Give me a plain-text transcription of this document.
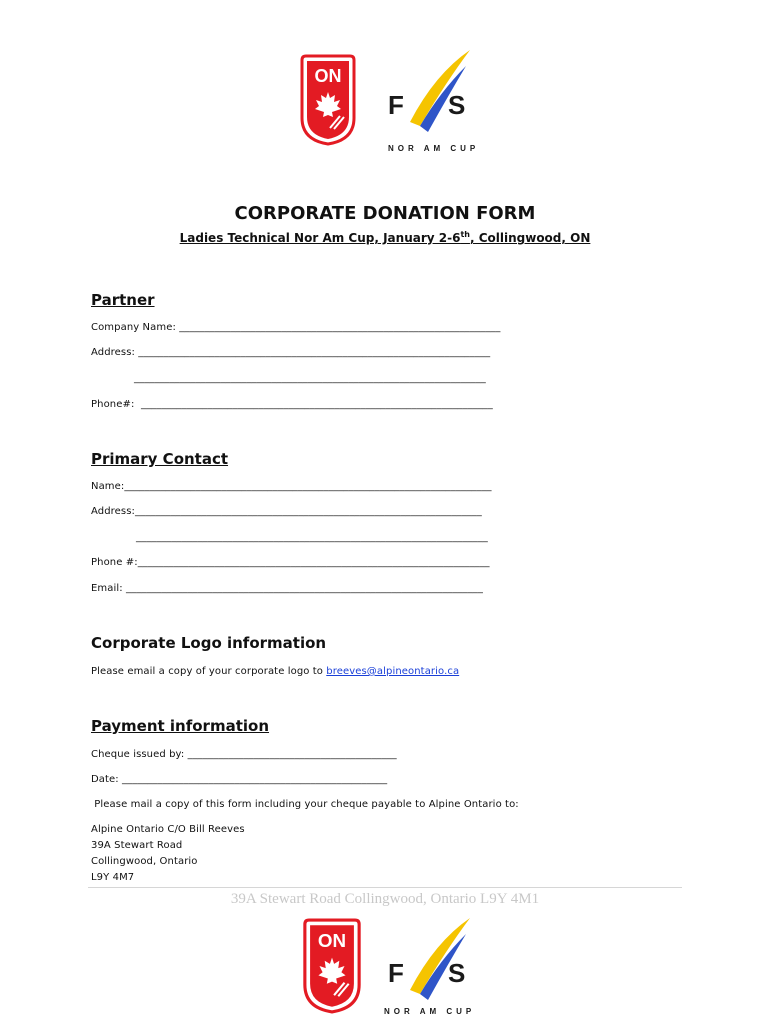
ON
F S
NOR AM CUP
CORPORATE DONATION FORM
Ladies Technical Nor Am Cup, January 2-6th, Collingwood, ON
Partner
Company Name: _______________________________________________________________
Address: _____________________________________________________________________
_____________________________________________________________________
Phone#:  _____________________________________________________________________
Primary Contact
Name:________________________________________________________________________
Address:____________________________________________________________________
_____________________________________________________________________
Phone #:_____________________________________________________________________
Email: ______________________________________________________________________
Corporate Logo information
Please email a copy of your corporate logo to breeves@alpineontario.ca
Payment information
Cheque issued by: _________________________________________
Date: ____________________________________________________
Please mail a copy of this form including your cheque payable to Alpine Ontario to:
Alpine Ontario C/O Bill Reeves
39A Stewart Road
Collingwood, Ontario
L9Y 4M7
39A Stewart Road Collingwood, Ontario L9Y 4M1
ON
F S
NOR AM CUP
